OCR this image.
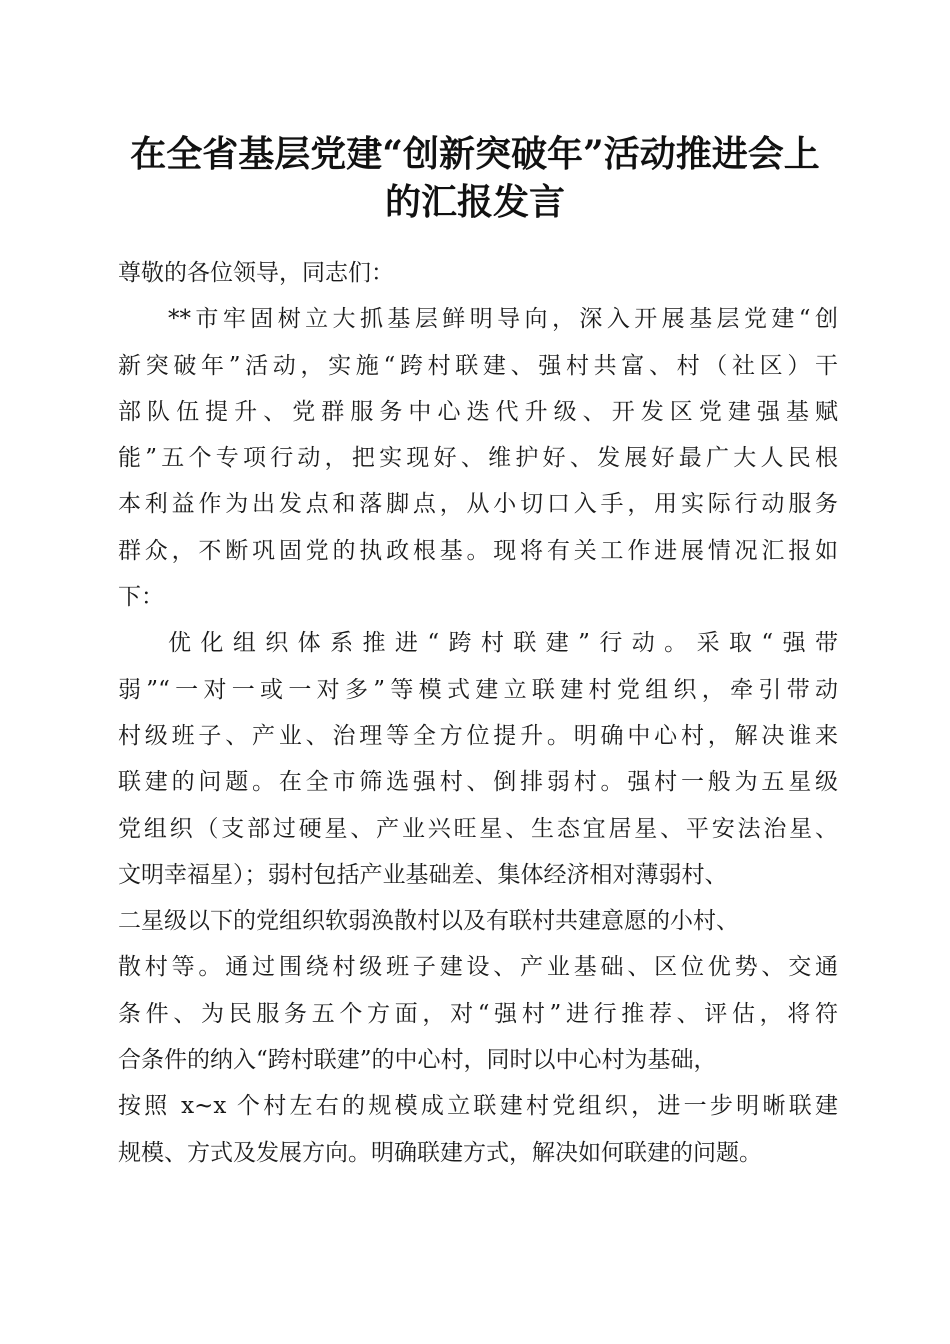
在全省基层党建“创新突破年”活动推进会上
的汇报发言
尊敬的各位领导，同志们：
**市牢固树立大抓基层鲜明导向，深入开展基层党建“创
新突破年”活动，实施“跨村联建、强村共富、村（社区）干
部队伍提升、党群服务中心迭代升级、开发区党建强基赋
能”五个专项行动，把实现好、维护好、发展好最广大人民根
本利益作为出发点和落脚点，从小切口入手，用实际行动服务
群众，不断巩固党的执政根基。现将有关工作进展情况汇报如
下：
优化组织体系推进“跨村联建”行动。采取“强带
弱”“一对一或一对多”等模式建立联建村党组织，牵引带动
村级班子、产业、治理等全方位提升。明确中心村，解决谁来
联建的问题。在全市筛选强村、倒排弱村。强村一般为五星级
党组织（支部过硬星、产业兴旺星、生态宜居星、平安法治星、
文明幸福星）；弱村包括产业基础差、集体经济相对薄弱村、
二星级以下的党组织软弱涣散村以及有联村共建意愿的小村、
散村等。通过围绕村级班子建设、产业基础、区位优势、交通
条件、为民服务五个方面，对“强村”进行推荐、评估，将符
合条件的纳入“跨村联建”的中心村，同时以中心村为基础，
按照 x~x 个村左右的规模成立联建村党组织，进一步明晰联建
规模、方式及发展方向。明确联建方式，解决如何联建的问题。
